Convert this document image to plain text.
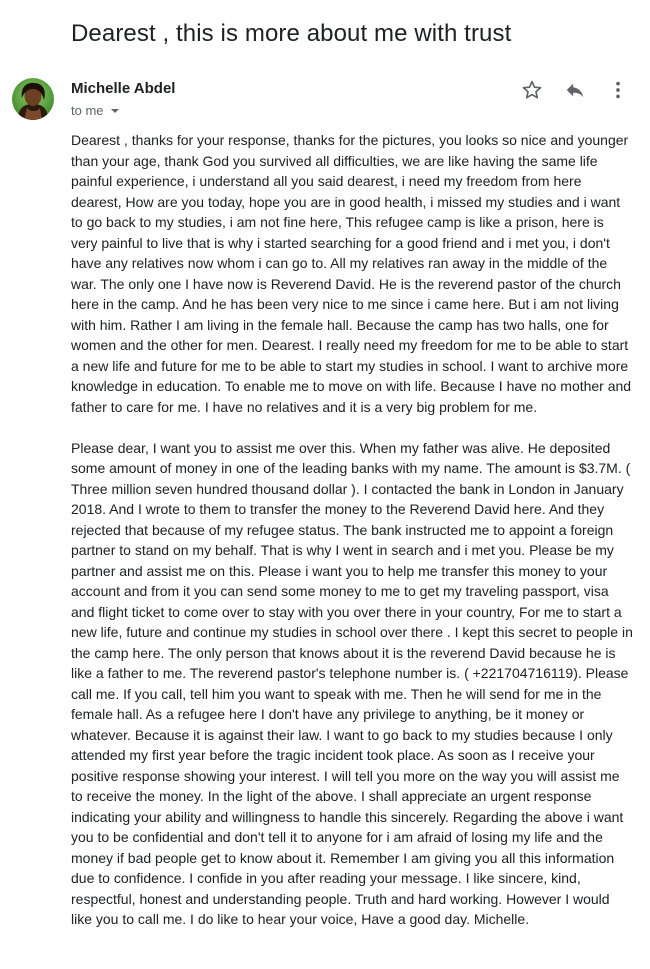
Dearest , this is more about me with trust
Michelle Abdel
to me

Dearest , thanks for your response, thanks for the pictures, you looks so nice and younger than your age, thank God you survived all difficulties, we are like having the same life painful experience, i understand all you said dearest, i need my freedom from here dearest, How are you today, hope you are in good health, i missed my studies and i want to go back to my studies, i am not fine here, This refugee camp is like a prison, here is very painful to live that is why i started searching for a good friend and i met you, i don't have any relatives now whom i can go to. All my relatives ran away in the middle of the war. The only one I have now is Reverend David. He is the reverend pastor of the church here in the camp. And he has been very nice to me since i came here. But i am not living with him. Rather I am living in the female hall. Because the camp has two halls, one for women and the other for men. Dearest. I really need my freedom for me to be able to start a new life and future for me to be able to start my studies in school. I want to archive more knowledge in education. To enable me to move on with life. Because I have no mother and father to care for me. I have no relatives and it is a very big problem for me.

Please dear, I want you to assist me over this. When my father was alive. He deposited some amount of money in one of the leading banks with my name. The amount is $3.7M. ( Three million seven hundred thousand dollar ). I contacted the bank in London in January 2018. And I wrote to them to transfer the money to the Reverend David here. And they rejected that because of my refugee status. The bank instructed me to appoint a foreign partner to stand on my behalf. That is why I went in search and i met you. Please be my partner and assist me on this. Please i want you to help me transfer this money to your account and from it you can send some money to me to get my traveling passport, visa and flight ticket to come over to stay with you over there in your country, For me to start a new life, future and continue my studies in school over there . I kept this secret to people in the camp here. The only person that knows about it is the reverend David because he is like a father to me. The reverend pastor's telephone number is. ( +221704716119). Please call me. If you call, tell him you want to speak with me. Then he will send for me in the female hall. As a refugee here I don't have any privilege to anything, be it money or whatever. Because it is against their law. I want to go back to my studies because I only attended my first year before the tragic incident took place. As soon as I receive your positive response showing your interest. I will tell you more on the way you will assist me to receive the money. In the light of the above. I shall appreciate an urgent response indicating your ability and willingness to handle this sincerely. Regarding the above i want you to be confidential and don't tell it to anyone for i am afraid of losing my life and the money if bad people get to know about it. Remember I am giving you all this information due to confidence. I confide in you after reading your message. I like sincere, kind, respectful, honest and understanding people. Truth and hard working. However I would like you to call me. I do like to hear your voice, Have a good day. Michelle.
